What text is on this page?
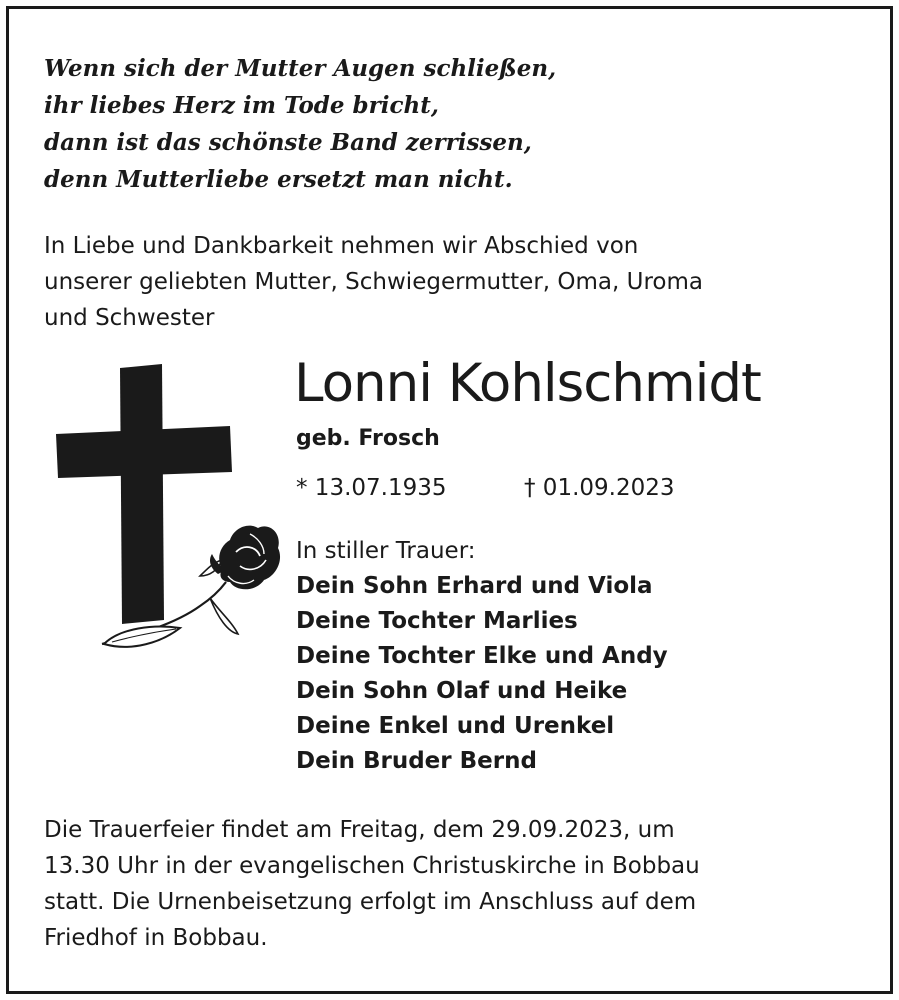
Wenn sich der Mutter Augen schließen,
ihr liebes Herz im Tode bricht,
dann ist das schönste Band zerrissen,
denn Mutterliebe ersetzt man nicht.
In Liebe und Dankbarkeit nehmen wir Abschied von
unserer geliebten Mutter, Schwiegermutter, Oma, Uroma
und Schwester
Lonni Kohlschmidt
geb. Frosch
* 13.07.1935	† 01.09.2023
In stiller Trauer:
Dein Sohn Erhard und Viola
Deine Tochter Marlies
Deine Tochter Elke und Andy
Dein Sohn Olaf und Heike
Deine Enkel und Urenkel
Dein Bruder Bernd
Die Trauerfeier findet am Freitag, dem 29.09.2023, um
13.30 Uhr in der evangelischen Christuskirche in Bobbau
statt. Die Urnenbeisetzung erfolgt im Anschluss auf dem
Friedhof in Bobbau.
